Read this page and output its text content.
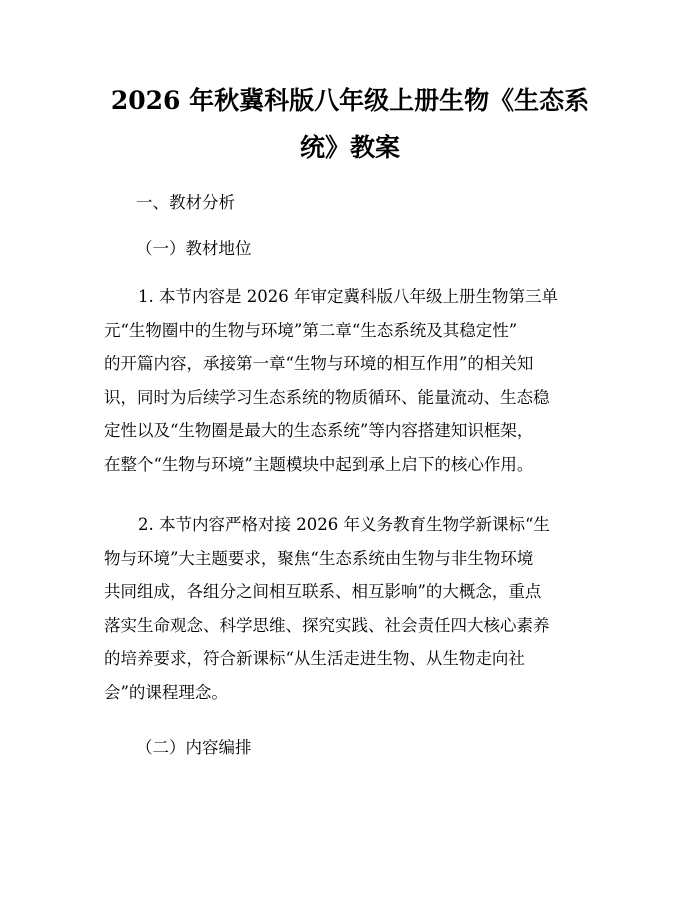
2026 年秋冀科版八年级上册生物《生态系
统》教案
一、教材分析
（一）教材地位
1. 本节内容是 2026 年审定冀科版八年级上册生物第三单
元“生物圈中的生物与环境”第二章“生态系统及其稳定性”
的开篇内容，承接第一章“生物与环境的相互作用”的相关知
识，同时为后续学习生态系统的物质循环、能量流动、生态稳
定性以及“生物圈是最大的生态系统”等内容搭建知识框架，
在整个“生物与环境”主题模块中起到承上启下的核心作用。
2. 本节内容严格对接 2026 年义务教育生物学新课标“生
物与环境”大主题要求，聚焦“生态系统由生物与非生物环境
共同组成，各组分之间相互联系、相互影响”的大概念，重点
落实生命观念、科学思维、探究实践、社会责任四大核心素养
的培养要求，符合新课标“从生活走进生物、从生物走向社
会”的课程理念。
（二）内容编排
